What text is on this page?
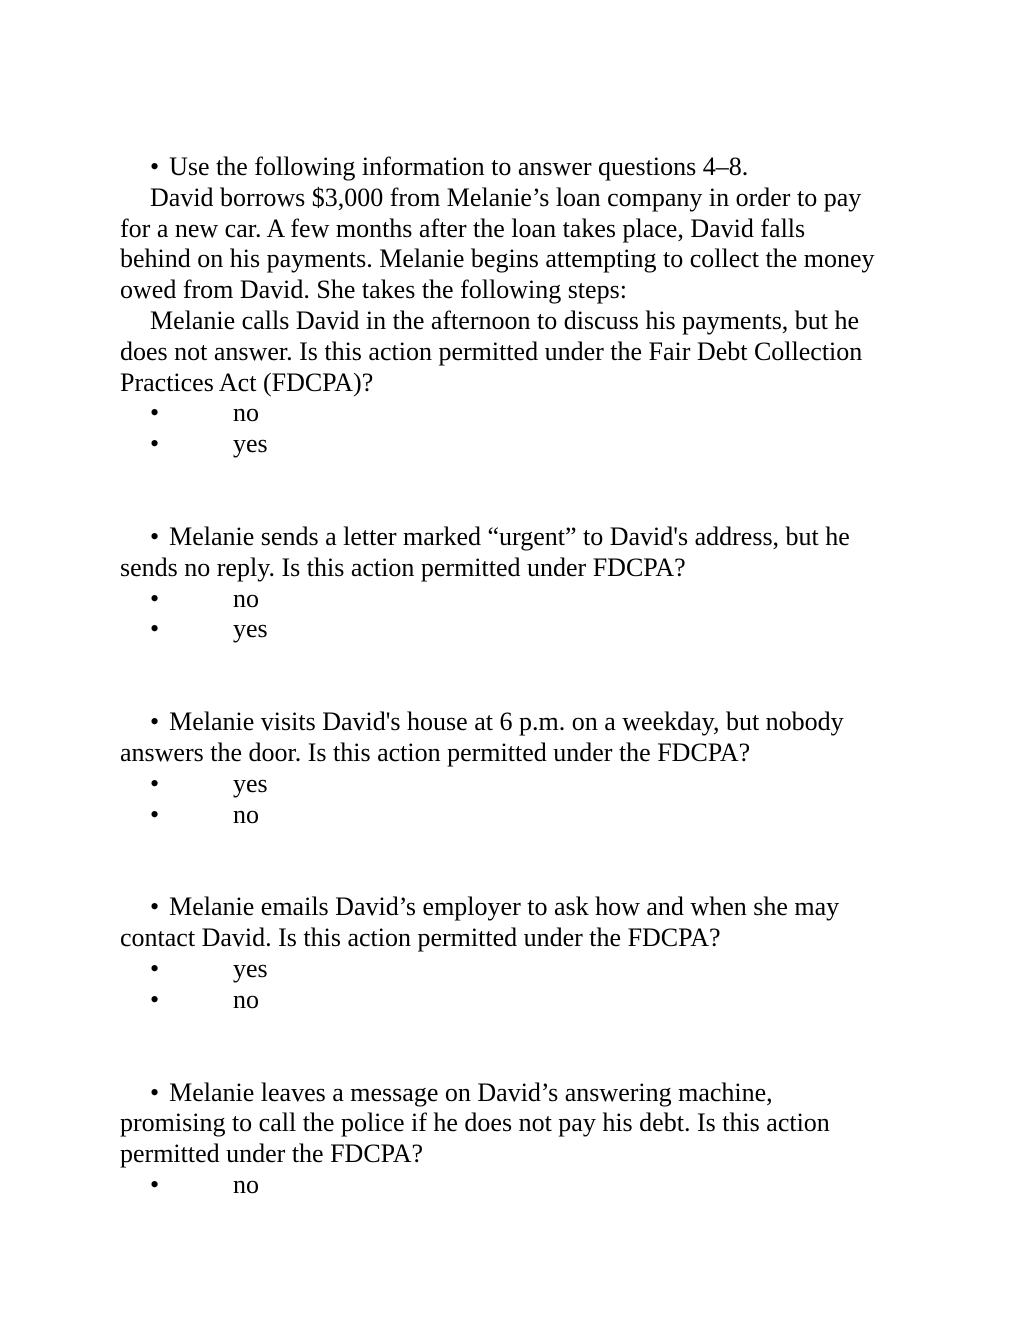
• Use the following information to answer questions 4–8.
David borrows $3,000 from Melanie’s loan company in order to pay
for a new car. A few months after the loan takes place, David falls
behind on his payments. Melanie begins attempting to collect the money
owed from David. She takes the following steps:
Melanie calls David in the afternoon to discuss his payments, but he
does not answer. Is this action permitted under the Fair Debt Collection
Practices Act (FDCPA)?
•	no
•	yes
• Melanie sends a letter marked “urgent” to David's address, but he
sends no reply. Is this action permitted under FDCPA?
•	no
•	yes
• Melanie visits David's house at 6 p.m. on a weekday, but nobody
answers the door. Is this action permitted under the FDCPA?
•	yes
•	no
• Melanie emails David’s employer to ask how and when she may
contact David. Is this action permitted under the FDCPA?
•	yes
•	no
• Melanie leaves a message on David’s answering machine,
promising to call the police if he does not pay his debt. Is this action
permitted under the FDCPA?
•	no
